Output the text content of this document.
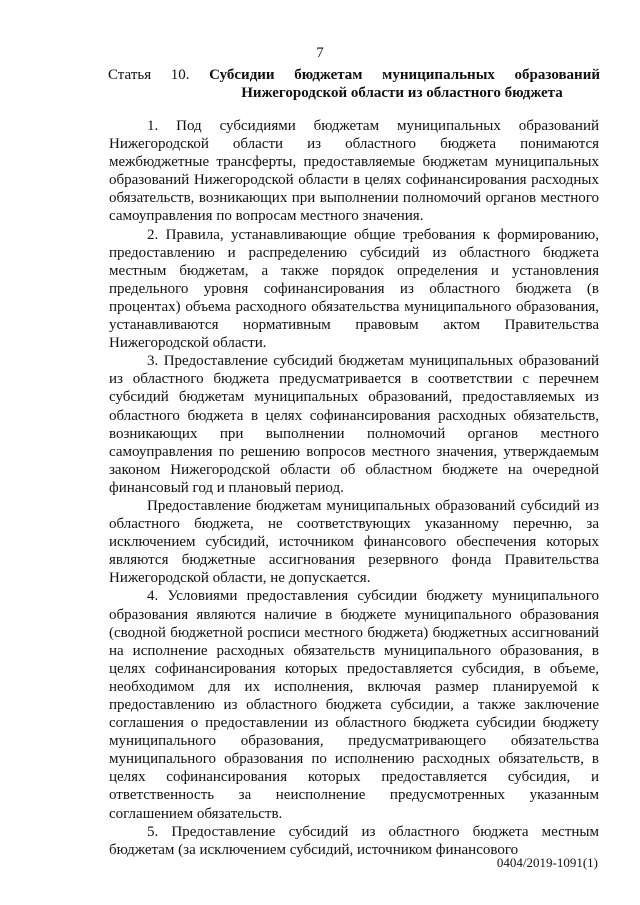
7
Статья 10. Субсидии бюджетам муниципальных образований
Нижегородской области из областного бюджета

1. Под субсидиями бюджетам муниципальных образований Нижегородской области из областного бюджета понимаются межбюджетные трансферты, предоставляемые бюджетам муниципальных образований Нижегородской области в целях софинансирования расходных обязательств, возникающих при выполнении полномочий органов местного самоуправления по вопросам местного значения.

2. Правила, устанавливающие общие требования к формированию, предоставлению и распределению субсидий из областного бюджета местным бюджетам, а также порядок определения и установления предельного уровня софинансирования из областного бюджета (в процентах) объема расходного обязательства муниципального образования, устанавливаются нормативным правовым актом Правительства Нижегородской области.

3. Предоставление субсидий бюджетам муниципальных образований из областного бюджета предусматривается в соответствии с перечнем субсидий бюджетам муниципальных образований, предоставляемых из областного бюджета в целях софинансирования расходных обязательств, возникающих при выполнении полномочий органов местного самоуправления по решению вопросов местного значения, утверждаемым законом Нижегородской области об областном бюджете на очередной финансовый год и плановый период.

Предоставление бюджетам муниципальных образований субсидий из областного бюджета, не соответствующих указанному перечню, за исключением субсидий, источником финансового обеспечения которых являются бюджетные ассигнования резервного фонда Правительства Нижегородской области, не допускается.

4. Условиями предоставления субсидии бюджету муниципального образования являются наличие в бюджете муниципального образования (сводной бюджетной росписи местного бюджета) бюджетных ассигнований на исполнение расходных обязательств муниципального образования, в целях софинансирования которых предоставляется субсидия, в объеме, необходимом для их исполнения, включая размер планируемой к предоставлению из областного бюджета субсидии, а также заключение соглашения о предоставлении из областного бюджета субсидии бюджету муниципального образования, предусматривающего обязательства муниципального образования по исполнению расходных обязательств, в целях софинансирования которых предоставляется субсидия, и ответственность за неисполнение предусмотренных указанным соглашением обязательств.

5. Предоставление субсидий из областного бюджета местным бюджетам (за исключением субсидий, источником финансового

0404/2019-1091(1)
